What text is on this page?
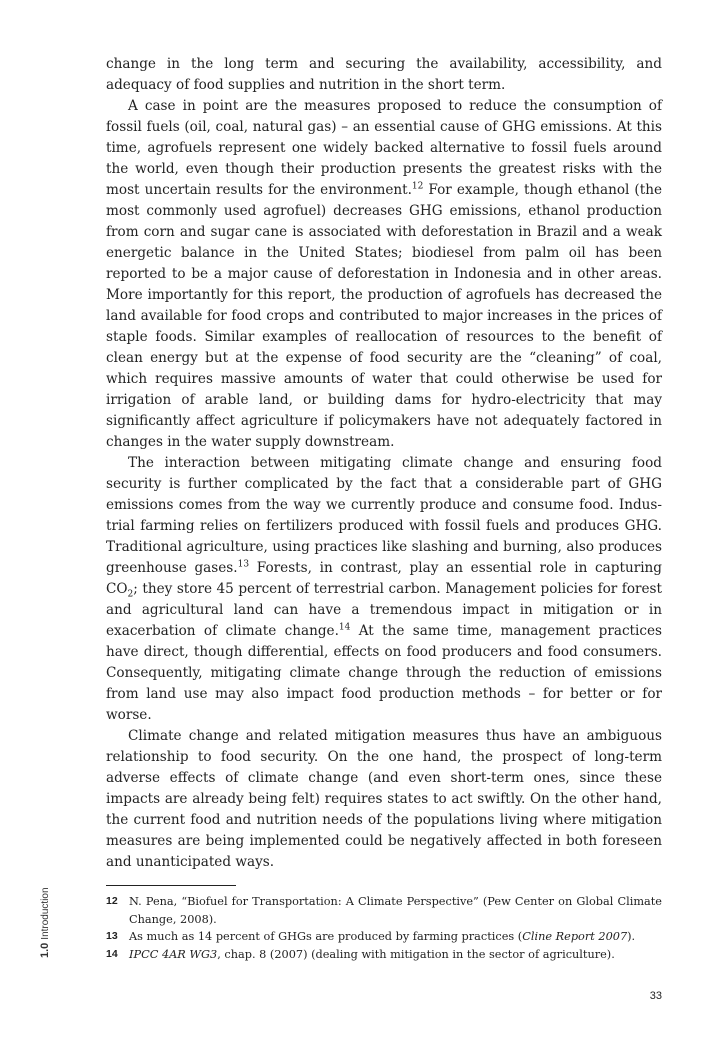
1.0
Introduction

change in the long term and securing the availability, accessibility, and adequacy of food supplies and nutrition in the short term.

A case in point are the measures proposed to reduce the consumption of fossil fuels (oil, coal, natural gas) – an essential cause of GHG emissions. At this time, agrofuels represent one widely backed alternative to fossil fuels around the world, even though their production presents the greatest risks with the most uncertain results for the environment.$^{12}$ For example, though ethanol (the most commonly used agrofuel) decreases GHG emissions, ethanol production from corn and sugar cane is associated with deforestation in Brazil and a weak energetic balance in the United States; biodiesel from palm oil has been reported to be a major cause of deforestation in Indonesia and in other areas. More importantly for this report, the production of agrofuels has decreased the land available for food crops and contributed to major increases in the prices of staple foods. Similar examples of reallocation of resources to the benefit of clean energy but at the expense of food security are the “cleaning” of coal, which requires massive amounts of water that could otherwise be used for irrigation of arable land, or building dams for hydro-electricity that may significantly affect agriculture if policymakers have not adequately factored in changes in the water supply downstream.

The interaction between mitigating climate change and ensuring food security is further complicated by the fact that a considerable part of GHG emissions comes from the way we currently produce and consume food. Industrial farming relies on fertilizers produced with fossil fuels and produces GHG. Traditional agriculture, using practices like slashing and burning, also produces greenhouse gases.$^{13}$ Forests, in contrast, play an essential role in capturing $CO_2$; they store 45 percent of terrestrial carbon. Management policies for forest and agricultural land can have a tremendous impact in mitigation or in exacerbation of climate change.$^{14}$ At the same time, management practices have direct, though differential, effects on food producers and food consumers. Consequently, mitigating climate change through the reduction of emissions from land use may also impact food production methods – for better or for worse.

Climate change and related mitigation measures thus have an ambiguous relationship to food security. On the one hand, the prospect of long-term adverse effects of climate change (and even short-term ones, since these impacts are already being felt) requires states to act swiftly. On the other hand, the current food and nutrition needs of the populations living where mitigation measures are being implemented could be negatively affected in both foreseen and unanticipated ways.

12	N. Pena, “Biofuel for Transportation: A Climate Perspective” (Pew Center on Global Climate Change, 2008).
13	As much as 14 percent of GHGs are produced by farming practices (Cline Report 2007).
14	IPCC 4AR WG3, chap. 8 (2007) (dealing with mitigation in the sector of agriculture).
33
